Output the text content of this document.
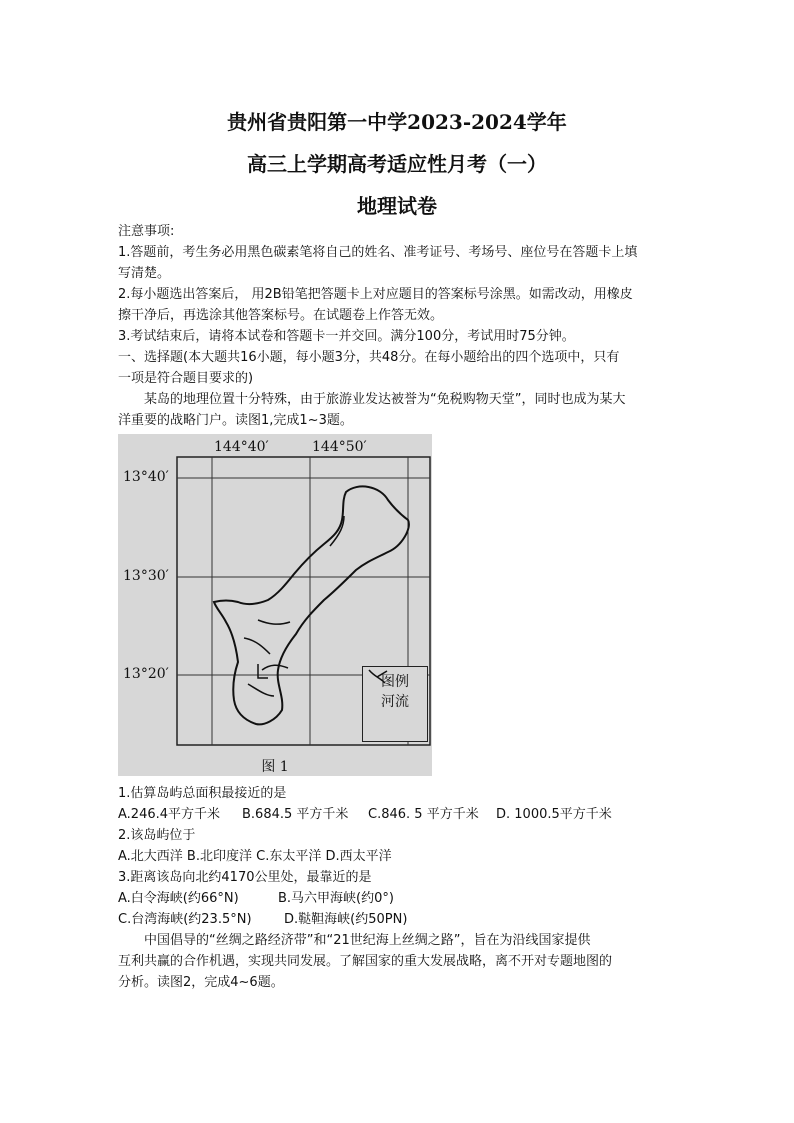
贵州省贵阳第一中学2023-2024学年
高三上学期高考适应性月考（一）
地理试卷
注意事项:
1.答题前，考生务必用黑色碳素笔将自己的姓名、准考证号、考场号、座位号在答题卡上填
写清楚。
2.每小题选出答案后， 用2B铅笔把答题卡上对应题目的答案标号涂黑。如需改动，用橡皮
擦干净后，再选涂其他答案标号。在试题卷上作答无效。
3.考试结束后，请将本试卷和答题卡一并交回。满分100分，考试用时75分钟。
一、选择题(本大题共16小题，每小题3分，共48分。在每小题给出的四个选项中，只有
一项是符合题目要求的)
某岛的地理位置十分特殊，由于旅游业发达被誉为“免税购物天堂”，同时也成为某大
洋重要的战略门户。读图1,完成1~3题。
144°40′	144°50′
13°40′
13°30′
13°20′	图例
河流
图 1
1.估算岛屿总面积最接近的是
A.246.4平方千米 B.684.5 平方千米 C.846. 5 平方千米 D. 1000.5平方千米
2.该岛屿位于
A.北大西洋 B.北印度洋 C.东太平洋 D.西太平洋
3.距离该岛向北约4170公里处，最靠近的是
A.白令海峡(约66°N)	B.马六甲海峡(约0°)
C.台湾海峡(约23.5°N) D.鞑靼海峡(约50PN)
中国倡导的“丝绸之路经济带”和“21世纪海上丝绸之路”，旨在为沿线国家提供
互利共赢的合作机遇，实现共同发展。了解国家的重大发展战略，离不开对专题地图的
分析。读图2，完成4~6题。
